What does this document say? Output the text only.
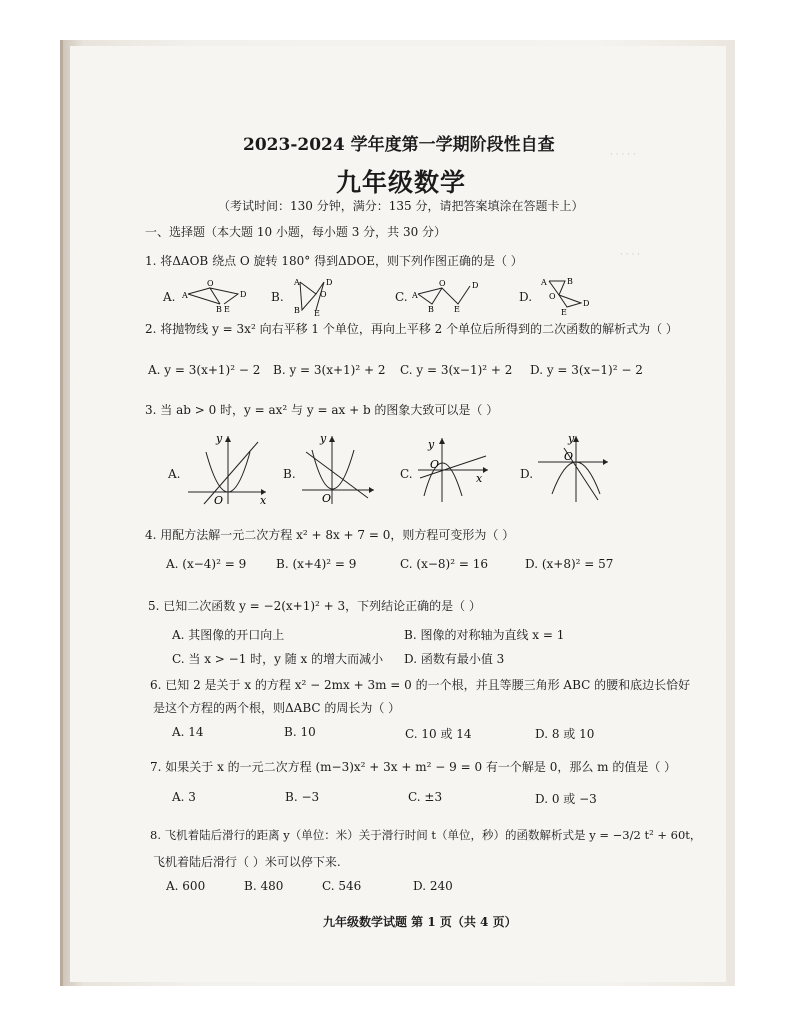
· · · · ·
· · · ·
2023-2024 学年度第一学期阶段性自查
九年级数学
（考试时间：130 分钟，满分：135 分，请把答案填涂在答题卡上）
一、选择题（本大题 10 小题，每小题 3 分，共 30 分）
1. 将ΔAOB 绕点 O 旋转 180° 得到ΔDOE，则下列作图正确的是（ ）
A.	B.	C.	D.
A
O
D
B E
A
O
D
B E
A
O	D
B	E
A	B
O
D
E
2. 将抛物线 y = 3x² 向右平移 1 个单位，再向上平移 2 个单位后所得到的二次函数的解析式为（ ）
A. y = 3(x+1)² − 2 B. y = 3(x+1)² + 2 C. y = 3(x−1)² + 2 D. y = 3(x−1)² − 2
3. 当 ab > 0 时，y = ax² 与 y = ax + b 的图象大致可以是（ ）
A.	B.	C.	D.
y
O	x
y
O
y
O
x
y
O
4. 用配方法解一元二次方程 x² + 8x + 7 = 0，则方程可变形为（ ）
A. (x−4)² = 9 B. (x+4)² = 9	C. (x−8)² = 16	D. (x+8)² = 57
5. 已知二次函数 y = −2(x+1)² + 3，下列结论正确的是（ ）
A. 其图像的开口向上	B. 图像的对称轴为直线 x = 1
C. 当 x > −1 时，y 随 x 的增大而减小 D. 函数有最小值 3
6. 已知 2 是关于 x 的方程 x² − 2mx + 3m = 0 的一个根，并且等腰三角形 ABC 的腰和底边长恰好
是这个方程的两个根，则ΔABC 的周长为（ ）
A. 14	B. 10	C. 10 或 14	D. 8 或 10
7. 如果关于 x 的一元二次方程 (m−3)x² + 3x + m² − 9 = 0 有一个解是 0，那么 m 的值是（ ）
A. 3	B. −3	C. ±3	D. 0 或 −3
8. 飞机着陆后滑行的距离 y（单位：米）关于滑行时间 t（单位，秒）的函数解析式是 y = −3/2 t² + 60t，
飞机着陆后滑行（ ）米可以停下来.
A. 600	B. 480	C. 546	D. 240
九年级数学试题 第 1 页（共 4 页）
